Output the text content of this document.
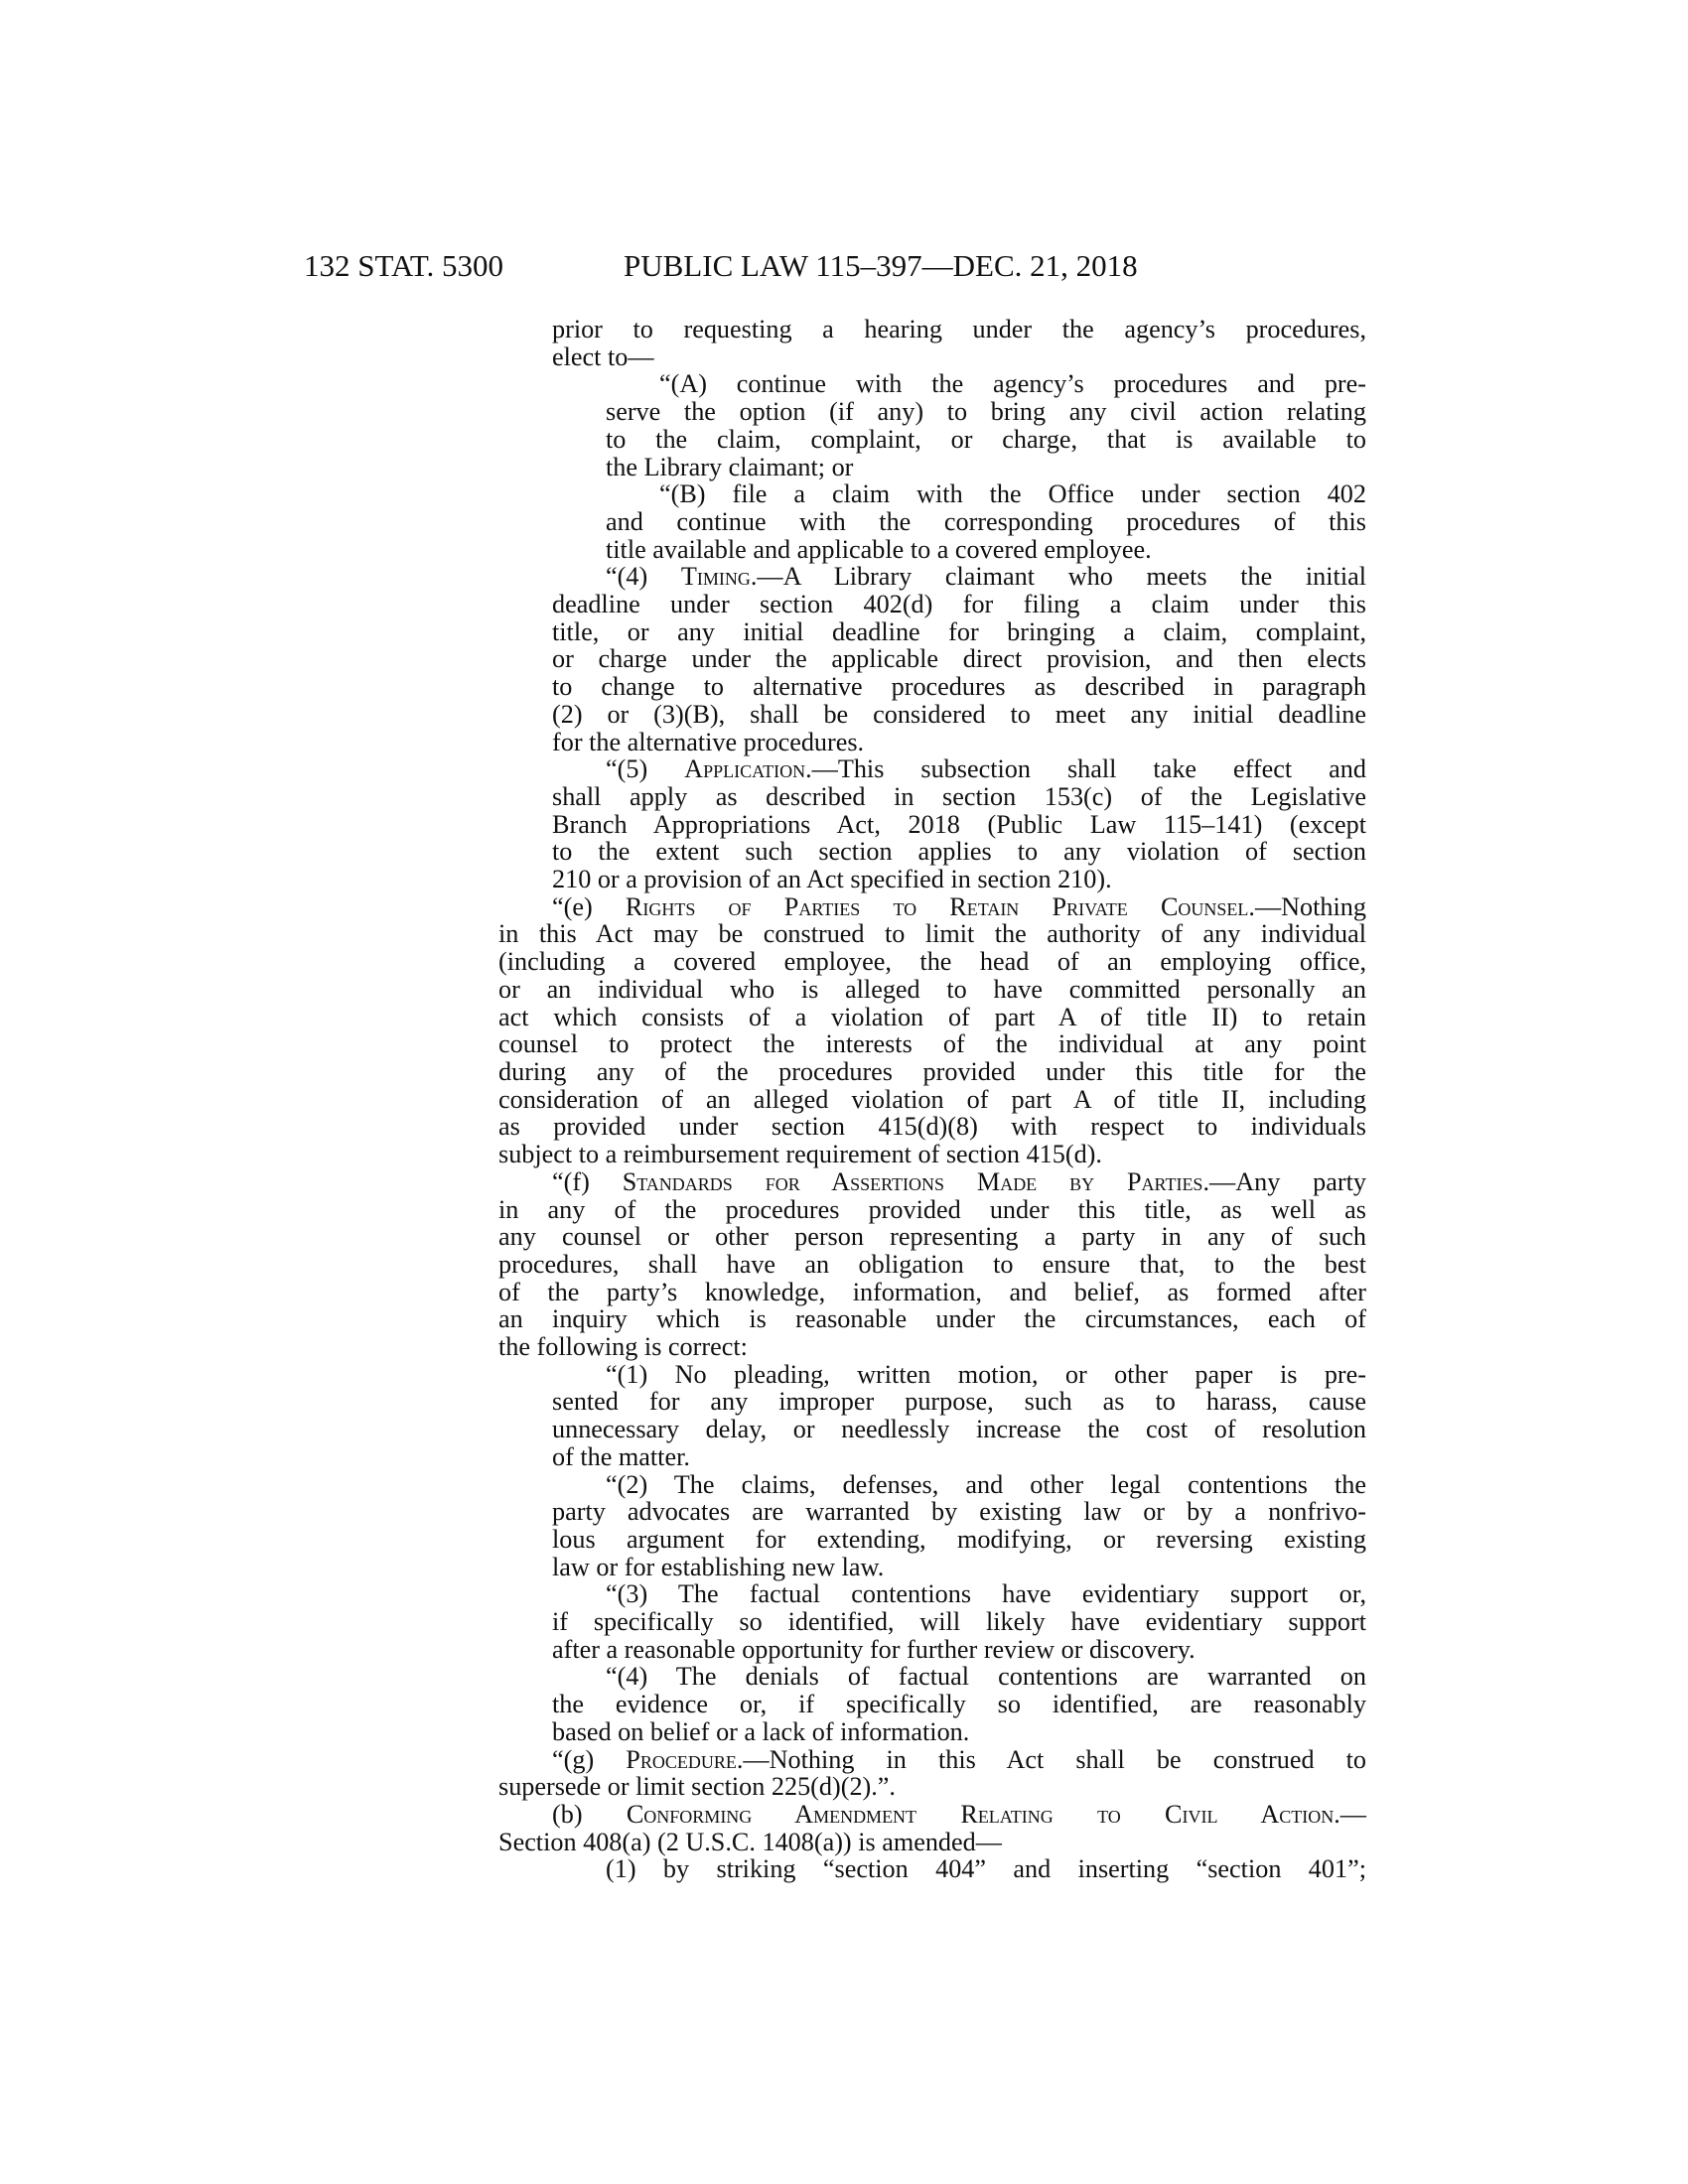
132 STAT. 5300	PUBLIC LAW 115–397—DEC. 21, 2018

prior to requesting a hearing under the agency’s procedures,

elect to—

“(A) continue with the agency’s procedures and pre-

serve the option (if any) to bring any civil action relating

to the claim, complaint, or charge, that is available to

the Library claimant; or

“(B) file a claim with the Office under section 402

and continue with the corresponding procedures of this

title available and applicable to a covered employee.

“(4) Timing.—A Library claimant who meets the initial

deadline under section 402(d) for filing a claim under this

title, or any initial deadline for bringing a claim, complaint,

or charge under the applicable direct provision, and then elects

to change to alternative procedures as described in paragraph

(2) or (3)(B), shall be considered to meet any initial deadline

for the alternative procedures.

“(5) Application.—This subsection shall take effect and

shall apply as described in section 153(c) of the Legislative

Branch Appropriations Act, 2018 (Public Law 115–141) (except

to the extent such section applies to any violation of section

210 or a provision of an Act specified in section 210).

“(e) Rights of Parties to Retain Private Counsel.—Nothing

in this Act may be construed to limit the authority of any individual

(including a covered employee, the head of an employing office,

or an individual who is alleged to have committed personally an

act which consists of a violation of part A of title II) to retain

counsel to protect the interests of the individual at any point

during any of the procedures provided under this title for the

consideration of an alleged violation of part A of title II, including

as provided under section 415(d)(8) with respect to individuals

subject to a reimbursement requirement of section 415(d).

“(f) Standards for Assertions Made by Parties.—Any party

in any of the procedures provided under this title, as well as

any counsel or other person representing a party in any of such

procedures, shall have an obligation to ensure that, to the best

of the party’s knowledge, information, and belief, as formed after

an inquiry which is reasonable under the circumstances, each of

the following is correct:

“(1) No pleading, written motion, or other paper is pre-

sented for any improper purpose, such as to harass, cause

unnecessary delay, or needlessly increase the cost of resolution

of the matter.

“(2) The claims, defenses, and other legal contentions the

party advocates are warranted by existing law or by a nonfrivo-

lous argument for extending, modifying, or reversing existing

law or for establishing new law.

“(3) The factual contentions have evidentiary support or,

if specifically so identified, will likely have evidentiary support

after a reasonable opportunity for further review or discovery.

“(4) The denials of factual contentions are warranted on

the evidence or, if specifically so identified, are reasonably

based on belief or a lack of information.

“(g) Procedure.—Nothing in this Act shall be construed to

supersede or limit section 225(d)(2).”.

(b) Conforming Amendment Relating to Civil Action.—

Section 408(a) (2 U.S.C. 1408(a)) is amended—

(1) by striking “section 404” and inserting “section 401”;
